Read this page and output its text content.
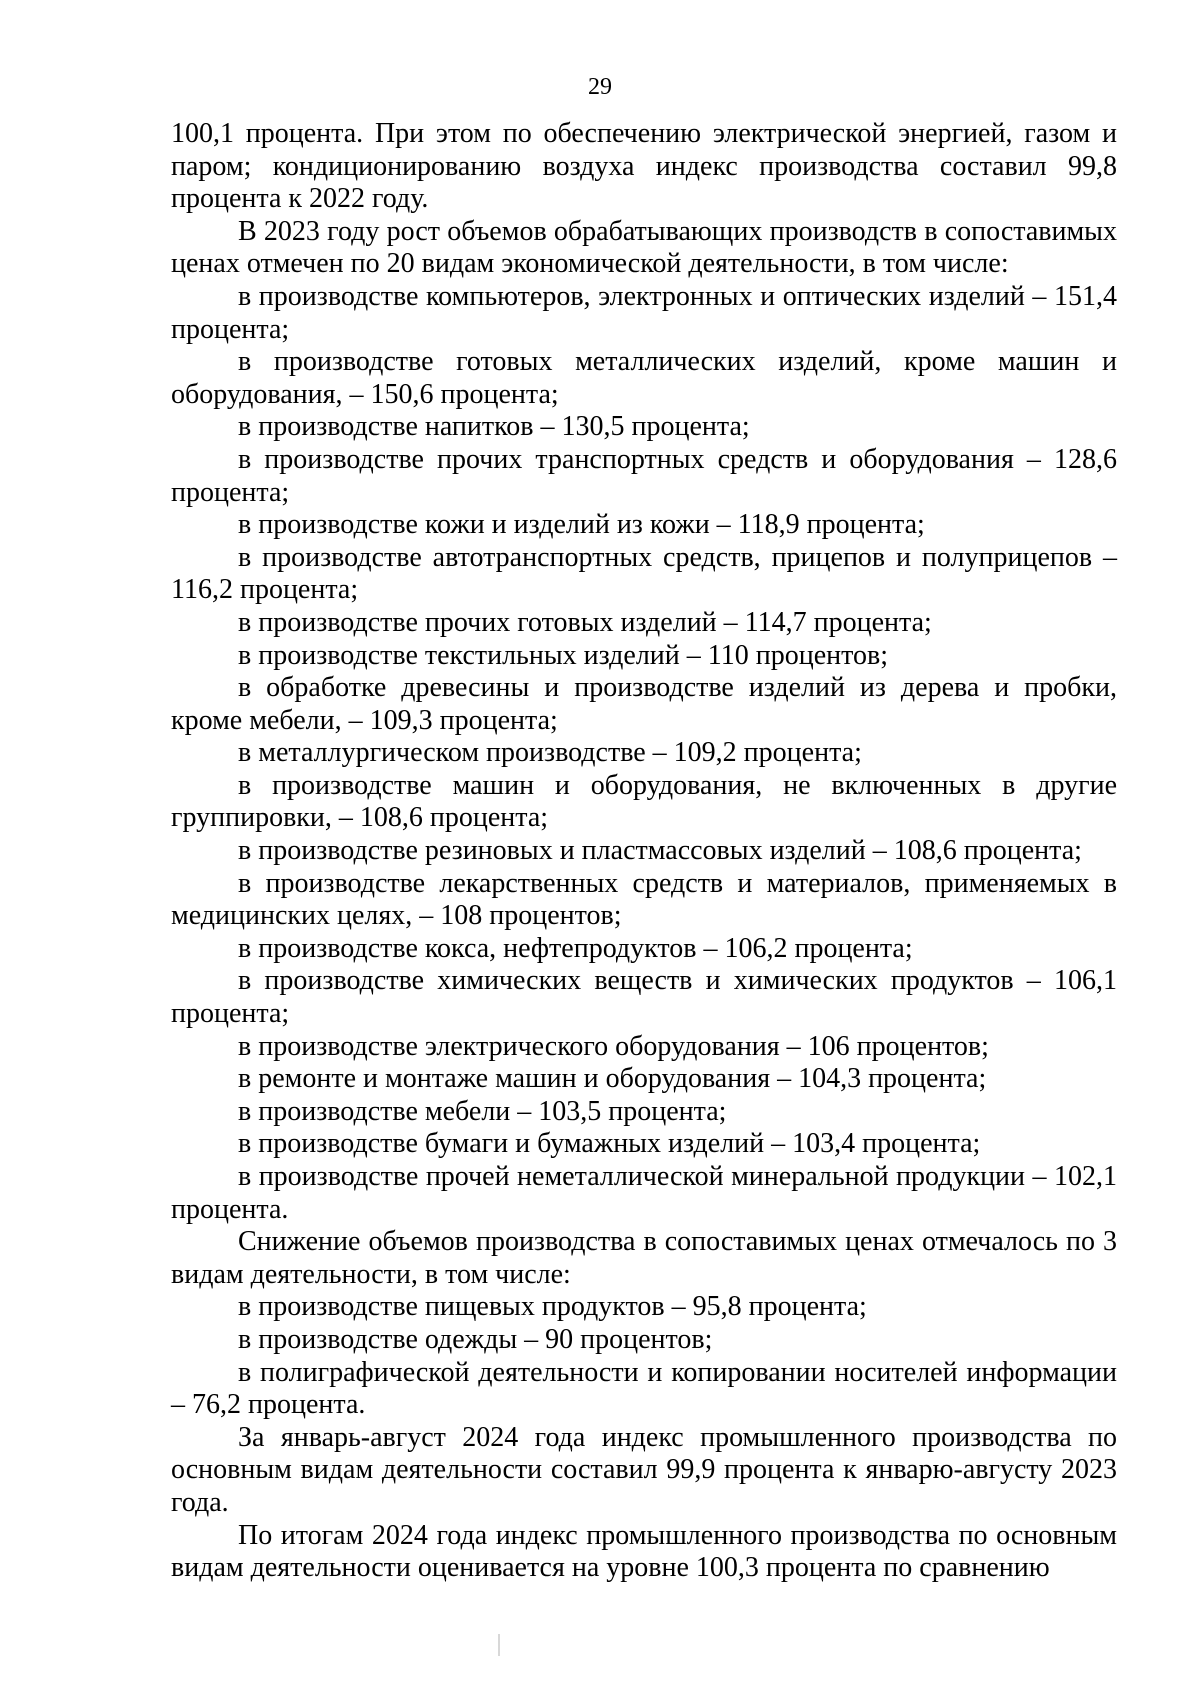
29

100,1 процента. При этом по обеспечению электрической энергией, газом и паром; кондиционированию воздуха индекс производства составил 99,8 процента к 2022 году.

В 2023 году рост объемов обрабатывающих производств в сопоставимых ценах отмечен по 20 видам экономической деятельности, в том числе:

в производстве компьютеров, электронных и оптических изделий – 151,4 процента;

в производстве готовых металлических изделий, кроме машин и оборудования, – 150,6 процента;

в производстве напитков – 130,5 процента;

в производстве прочих транспортных средств и оборудования – 128,6 процента;

в производстве кожи и изделий из кожи – 118,9 процента;

в производстве автотранспортных средств, прицепов и полуприцепов – 116,2 процента;

в производстве прочих готовых изделий – 114,7 процента;

в производстве текстильных изделий – 110 процентов;

в обработке древесины и производстве изделий из дерева и пробки, кроме мебели, – 109,3 процента;

в металлургическом производстве – 109,2 процента;

в производстве машин и оборудования, не включенных в другие группировки, – 108,6 процента;

в производстве резиновых и пластмассовых изделий – 108,6 процента;

в производстве лекарственных средств и материалов, применяемых в медицинских целях, – 108 процентов;

в производстве кокса, нефтепродуктов – 106,2 процента;

в производстве химических веществ и химических продуктов – 106,1 процента;

в производстве электрического оборудования – 106 процентов;

в ремонте и монтаже машин и оборудования – 104,3 процента;

в производстве мебели – 103,5 процента;

в производстве бумаги и бумажных изделий – 103,4 процента;

в производстве прочей неметаллической минеральной продукции – 102,1 процента.

Снижение объемов производства в сопоставимых ценах отмечалось по 3 видам деятельности, в том числе:

в производстве пищевых продуктов – 95,8 процента;

в производстве одежды – 90 процентов;

в полиграфической деятельности и копировании носителей информации – 76,2 процента.

За январь-август 2024 года индекс промышленного производства по основным видам деятельности составил 99,9 процента к январю-августу 2023 года.

По итогам 2024 года индекс промышленного производства по основным видам деятельности оценивается на уровне 100,3 процента по сравнению
